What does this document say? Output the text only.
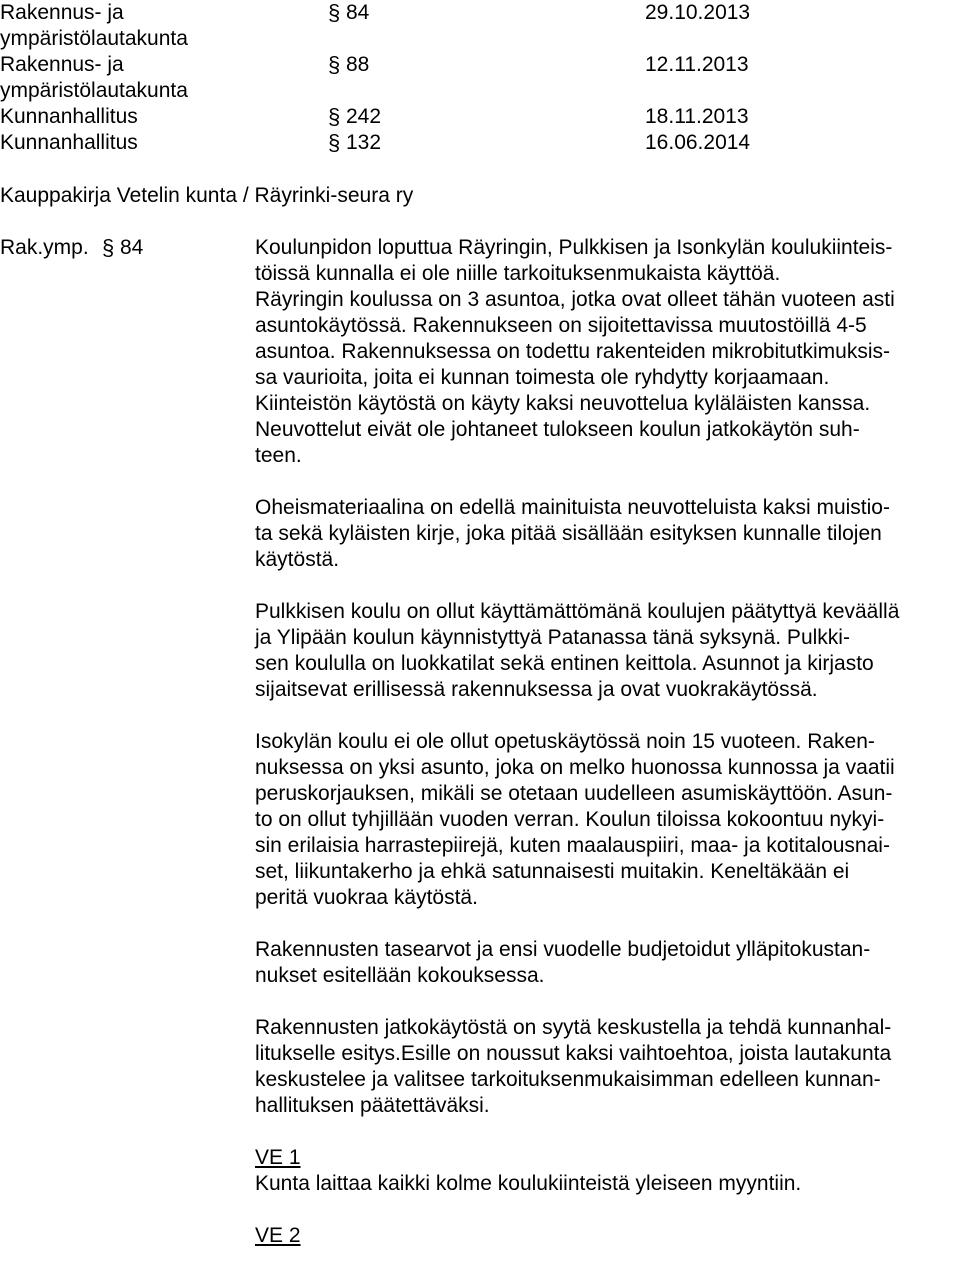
Rakennus- ja	§ 84	29.10.2013
ympäristölautakunta
Rakennus- ja	§ 88	12.11.2013
ympäristölautakunta
Kunnanhallitus	§ 242	18.11.2013
Kunnanhallitus	§ 132	16.06.2014
Kauppakirja Vetelin kunta / Räyrinki-seura ry
Rak.ymp. § 84	Koulunpidon loputtua Räyringin, Pulkkisen ja Isonkylän koulukiinteis-
töissä kunnalla ei ole niille tarkoituksenmukaista käyttöä.
Räyringin koulussa on 3 asuntoa, jotka ovat olleet tähän vuoteen asti
asuntokäytössä. Rakennukseen on sijoitettavissa muutostöillä 4-5
asuntoa. Rakennuksessa on todettu rakenteiden mikrobitutkimuksis-
sa vaurioita, joita ei kunnan toimesta ole ryhdytty korjaamaan.
Kiinteistön käytöstä on käyty kaksi neuvottelua kyläläisten kanssa.
Neuvottelut eivät ole johtaneet tulokseen koulun jatkokäytön suh-
teen.

Oheismateriaalina on edellä mainituista neuvotteluista kaksi muistio-
ta sekä kyläisten kirje, joka pitää sisällään esityksen kunnalle tilojen
käytöstä.

Pulkkisen koulu on ollut käyttämättömänä koulujen päätyttyä keväällä
ja Ylipään koulun käynnistyttyä Patanassa tänä syksynä. Pulkki-
sen koululla on luokkatilat sekä entinen keittola. Asunnot ja kirjasto
sijaitsevat erillisessä rakennuksessa ja ovat vuokrakäytössä.

Isokylän koulu ei ole ollut opetuskäytössä noin 15 vuoteen. Raken-
nuksessa on yksi asunto, joka on melko huonossa kunnossa ja vaatii
peruskorjauksen, mikäli se otetaan uudelleen asumiskäyttöön. Asun-
to on ollut tyhjillään vuoden verran. Koulun tiloissa kokoontuu nykyi-
sin erilaisia harrastepiirejä, kuten maalauspiiri, maa- ja kotitalousnai-
set, liikuntakerho ja ehkä satunnaisesti muitakin. Keneltäkään ei
peritä vuokraa käytöstä.

Rakennusten tasearvot ja ensi vuodelle budjetoidut ylläpitokustan-
nukset esitellään kokouksessa.

Rakennusten jatkokäytöstä on syytä keskustella ja tehdä kunnanhal-
litukselle esitys.Esille on noussut kaksi vaihtoehtoa, joista lautakunta
keskustelee ja valitsee tarkoituksenmukaisimman edelleen kunnan-
hallituksen päätettäväksi.

VE 1

Kunta laittaa kaikki kolme koulukiinteistä yleiseen myyntiin.

VE 2
